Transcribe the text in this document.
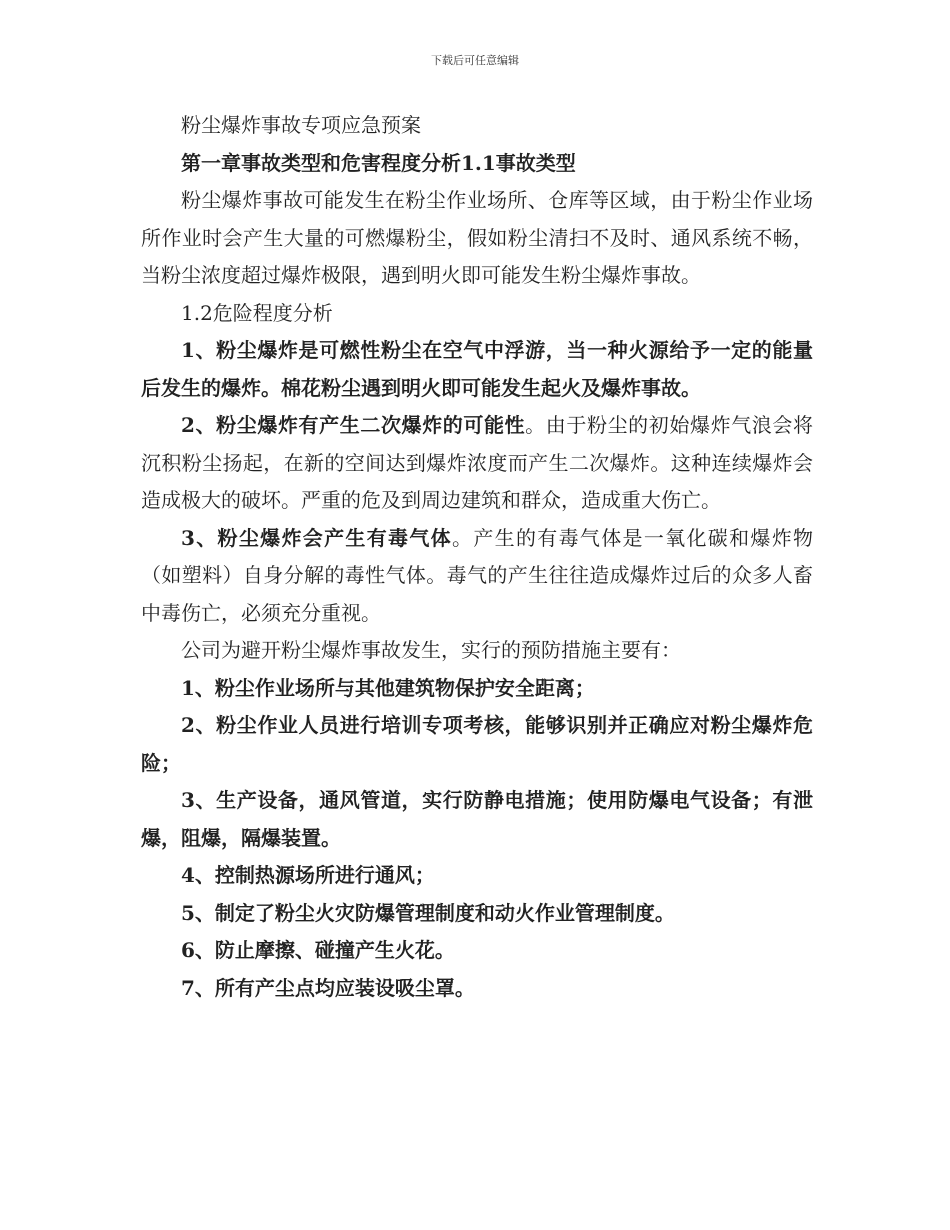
下载后可任意编辑

粉尘爆炸事故专项应急预案

第一章事故类型和危害程度分析1.1事故类型

粉尘爆炸事故可能发生在粉尘作业场所、仓库等区域，由于粉尘作业场所作业时会产生大量的可燃爆粉尘，假如粉尘清扫不及时、通风系统不畅，当粉尘浓度超过爆炸极限，遇到明火即可能发生粉尘爆炸事故。

1.2危险程度分析

1、粉尘爆炸是可燃性粉尘在空气中浮游，当一种火源给予一定的能量后发生的爆炸。棉花粉尘遇到明火即可能发生起火及爆炸事故。

2、粉尘爆炸有产生二次爆炸的可能性。由于粉尘的初始爆炸气浪会将沉积粉尘扬起，在新的空间达到爆炸浓度而产生二次爆炸。这种连续爆炸会造成极大的破坏。严重的危及到周边建筑和群众，造成重大伤亡。

3、粉尘爆炸会产生有毒气体。产生的有毒气体是一氧化碳和爆炸物（如塑料）自身分解的毒性气体。毒气的产生往往造成爆炸过后的众多人畜中毒伤亡，必须充分重视。

公司为避开粉尘爆炸事故发生，实行的预防措施主要有：

1、粉尘作业场所与其他建筑物保护安全距离；

2、粉尘作业人员进行培训专项考核，能够识别并正确应对粉尘爆炸危险；

3、生产设备，通风管道，实行防静电措施；使用防爆电气设备；有泄爆，阻爆，隔爆装置。

4、控制热源场所进行通风；

5、制定了粉尘火灾防爆管理制度和动火作业管理制度。

6、防止摩擦、碰撞产生火花。

7、所有产尘点均应装设吸尘罩。
